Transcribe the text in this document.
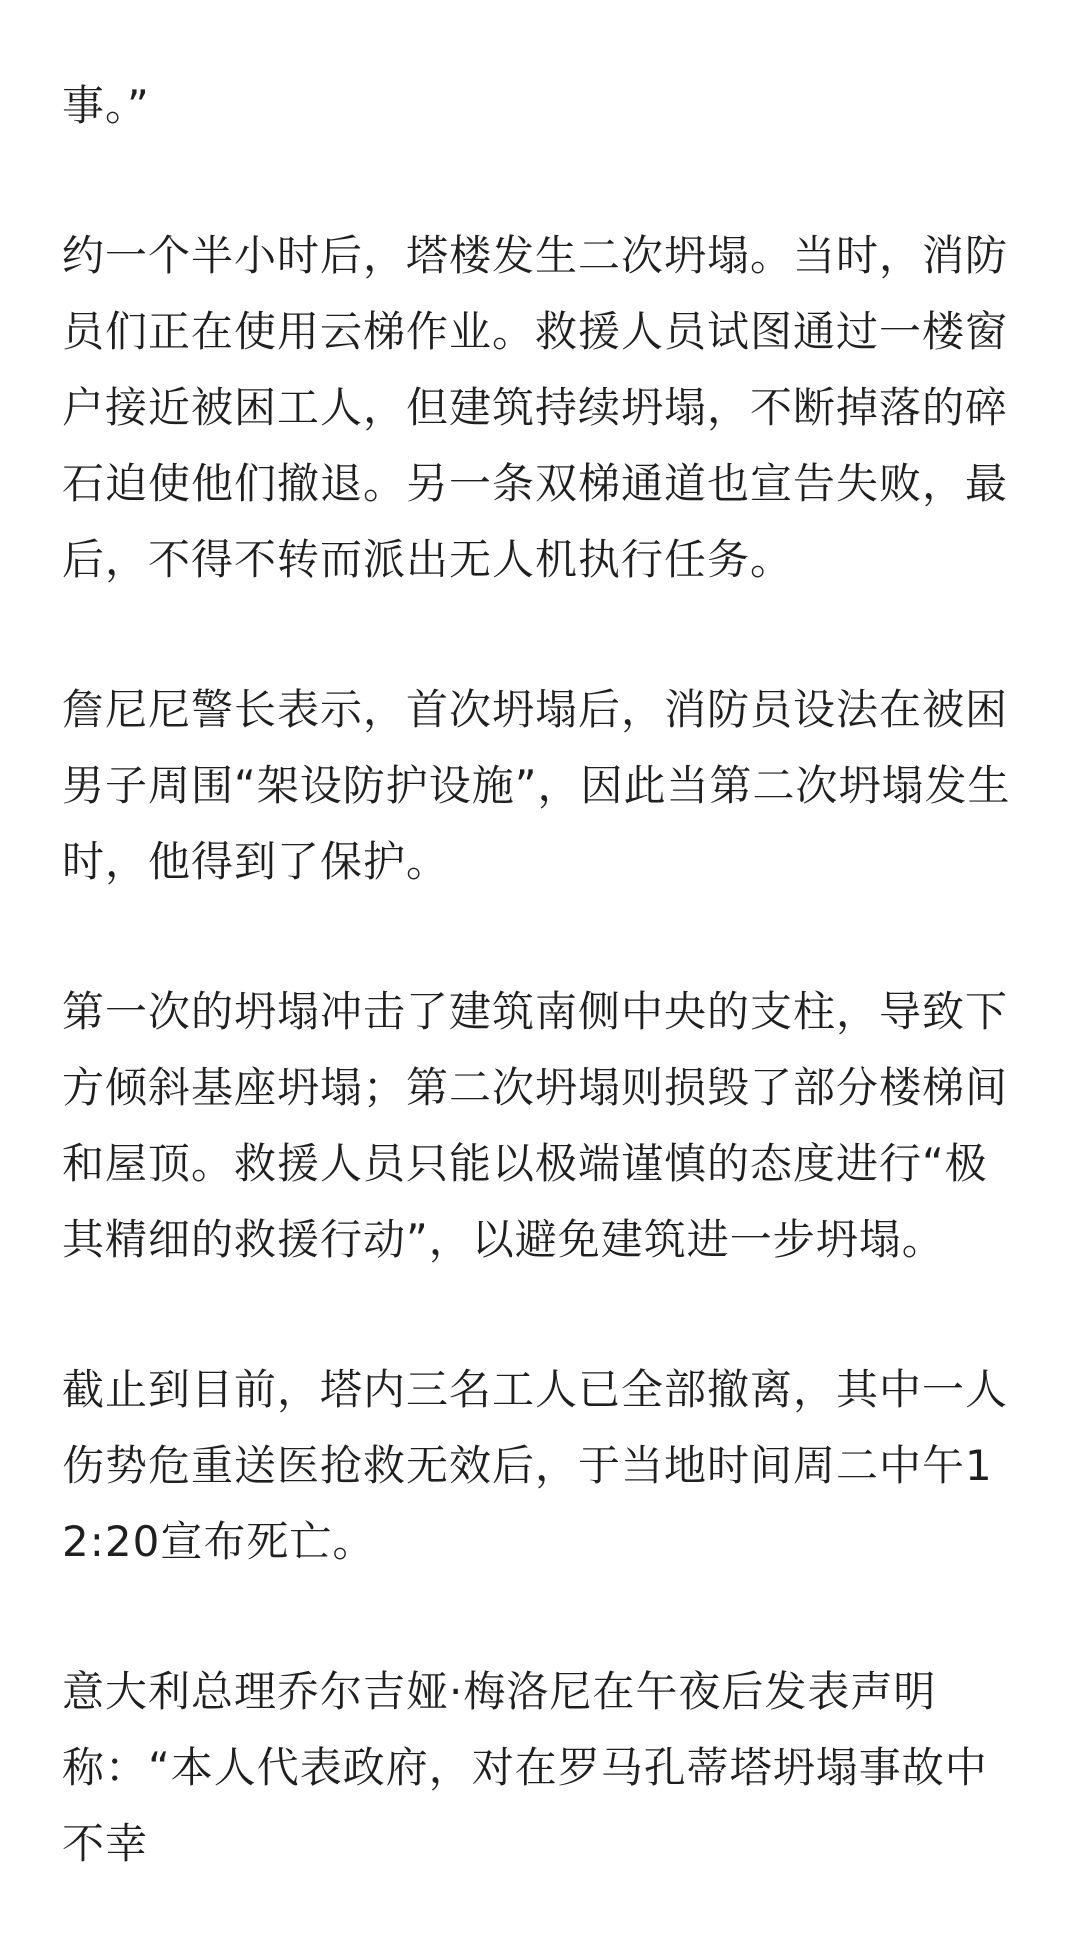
事。”

约一个半小时后，塔楼发生二次坍塌。当时，消防员们正在使用云梯作业。救援人员试图通过一楼窗户接近被困工人，但建筑持续坍塌，不断掉落的碎石迫使他们撤退。另一条双梯通道也宣告失败，最后，不得不转而派出无人机执行任务。

詹尼尼警长表示，首次坍塌后，消防员设法在被困男子周围“架设防护设施”，因此当第二次坍塌发生时，他得到了保护。

第一次的坍塌冲击了建筑南侧中央的支柱，导致下方倾斜基座坍塌；第二次坍塌则损毁了部分楼梯间和屋顶。救援人员只能以极端谨慎的态度进行“极其精细的救援行动”，以避免建筑进一步坍塌。

截止到目前，塔内三名工人已全部撤离，其中一人伤势危重送医抢救无效后，于当地时间周二中午12:20宣布死亡。

意大利总理乔尔吉娅·梅洛尼在午夜后发表声明称：“本人代表政府，对在罗马孔蒂塔坍塌事故中不幸
